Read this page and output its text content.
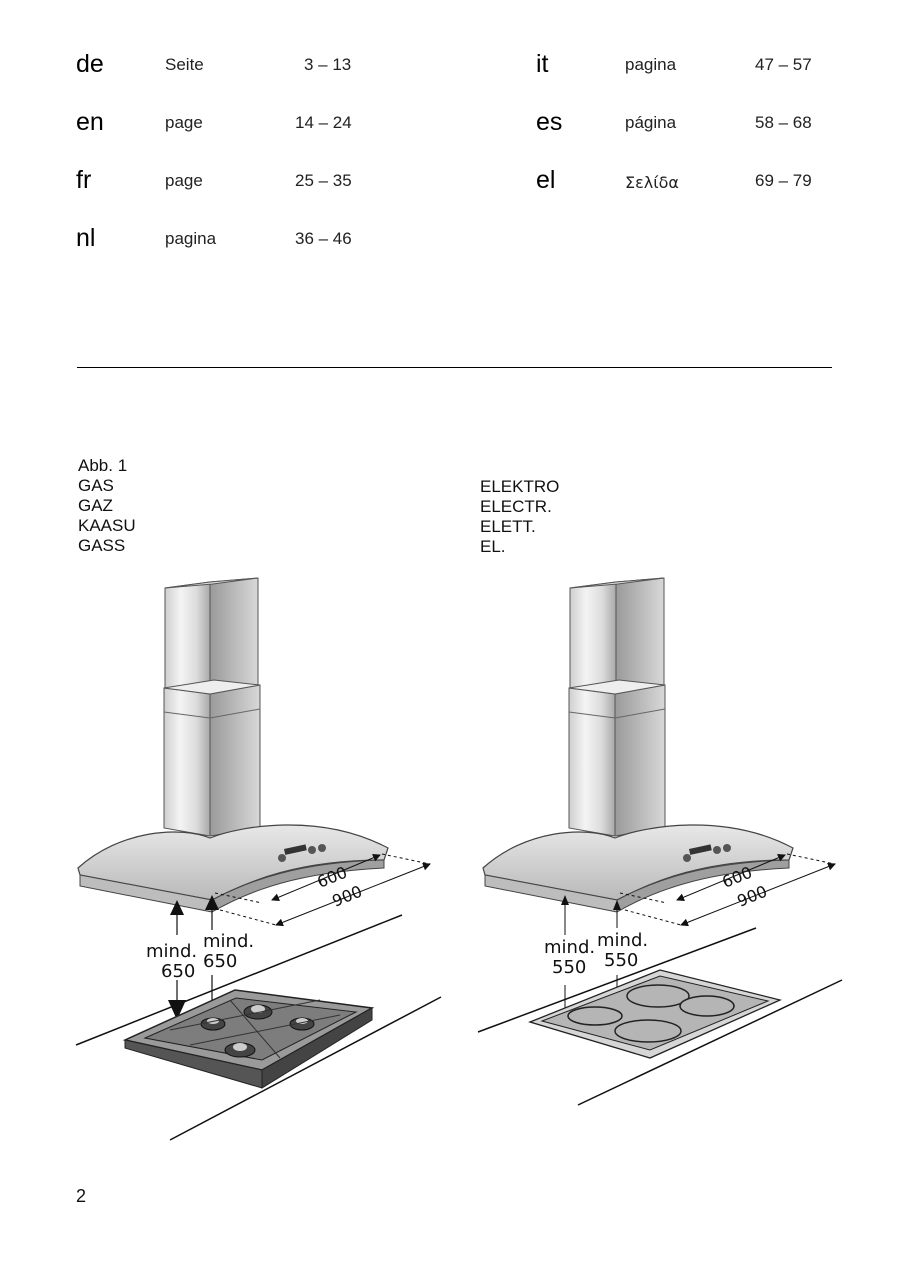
de	Seite	3 – 13
en	page	14 – 24
fr	page	25 – 35
nl	pagina	36 – 46
it	pagina	47 – 57
es	página	58 – 68
el	Σελίδα	69 – 79
Abb. 1
GAS
GAZ
KAASU
GASS
ELEKTRO
ELECTR.
ELETT.
EL.
600
900
mind.
650
mind.
650
600
900
mind.
550
mind.
550
2
